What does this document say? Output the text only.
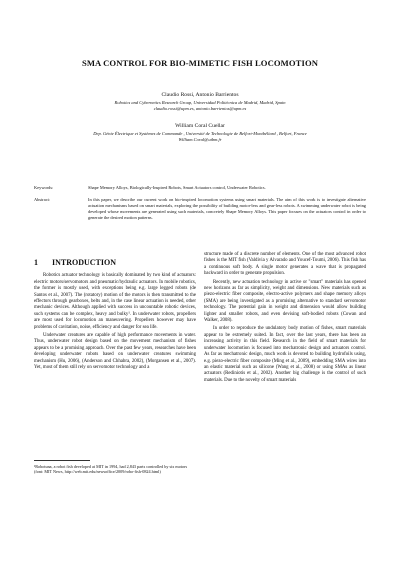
SMA CONTROL FOR BIO-MIMETIC FISH LOCOMOTION
Claudio Rossi, Antonio Barrientos
Robotics and Cybernetics Research Group, Universidad Politécnica de Madrid, Madrid, Spain
claudio.rossi@upm.es, antonio.barrientos@upm.es
William Coral Cuellar
Dep. Génie Électrique et Systèmes de Commande , Université de Technologie de Belfort-Montbéliard , Belfort, France
William.Coral@utbm.fr
Keywords:	Shape Memory Alloys, Biologically-Inspired Robots, Smart Actuators control, Underwater Robotics.
Abstract:	In this paper, we describe our current work on bio-inspired locomotion systems using smart materials. The aim of this work is to investigate alternative actuation mechanisms based on smart materials, exploring the possibility of building motor-less and gear-less robots. A swimming underwater robot is being developed whose movements are generated using such materials, concretely Shape Memory Alloys. This paper focuses on the actuators control in order to generate the desired motion patterns.
1 INTRODUCTION

Robotics actuator technology is basically dominated by two kind of actuators: electric motors/servomotors and pneumatic/hydraulic actuators. In mobile robotics, the former is mostly used, with exceptions being e.g. large legged robots (de Santos et al., 2007). The (rotatory) motion of the motors is then transmitted to the effectors through gearboxes, belts and, in the case linear actuation is needed, other mechanic devices. Although applied with success in uncountable robotic devices, such systems can be complex, heavy and bulky¹. In underwater robots, propellers are most used for locomotion an maneuvering. Propellers however may have problems of cavitation, noise, efficiency and danger for sea life.

Underwater creatures are capable of high performance movements in water. Thus, underwater robot design based on the movement mechanism of fishes appears to be a promising approach. Over the past few years, researches have been developing underwater robots based on underwater creatures swimming mechanism (Hu, 2006), (Anderson and Chhabra, 2002), (Morgansen et al., 2007). Yet, most of them still rely on servomotor technology and a

¹Robotuna, a robot fish developed at MIT in 1994, had 2,843 parts controlled by six motors (font: MIT News, http://web.mit.edu/newsoffice/2009/robo-fish-0824.html)

structure made of a discrete number of elements. One of the most advanced robot fishes is the MIT fish (Valdivia y Alvarado and Youcef-Toumi, 2006). This fish has a continuous soft body. A single motor generates a wave that is propagated backward in order to generate propulsion.

Recently, new actuation technology in active or "smart" materials has opened new horizons as far as simplicity, weight and dimensions. New materials such as piezo-electric fiber composite, electro-active polymers and shape memory alloys (SMA) are being investigated as a promising alternative to standard servomotor technology. The potential gain in weight and dimension would allow building lighter and smaller robots, and even devising soft-bodied robots (Cowan and Walker, 2008).

In order to reproduce the undulatory body motion of fishes, smart materials appear to be extremely suited. In fact, over the last years, there has been an increasing activity in this field. Research in the field of smart materials for underwater locomotion is focused into mechatronic design and actuators control. As far as mechatronic design, much work is devoted to building hydrofoils using, e.g. piezo-electric fiber composite (Ming et al., 2009), embedding SMA wires into an elastic material such as silicone (Wang et al., 2008) or using SMAs as linear actuators (Rediniotis et al., 2002). Another big challenge is the control of such materials. Due to the novelty of smart materials
